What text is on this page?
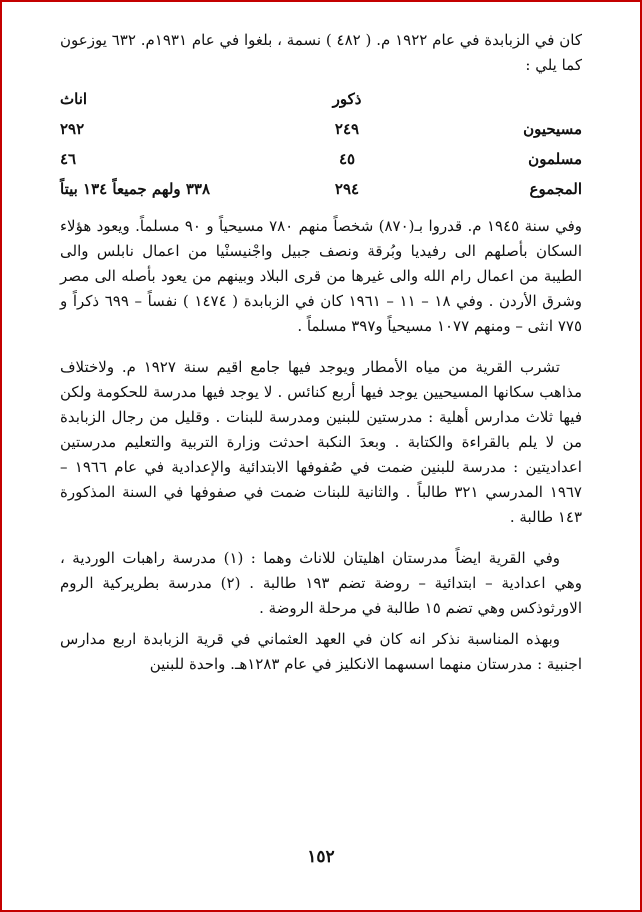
كان في الزبابدة في عام ١٩٢٢ م. ( ٤٨٢ ) نسمة ، بلغوا في عام ١٩٣١م. ٦٣٢ يوزعون كما يلي :

	ذكور	اناث
مسيحيون	٢٤٩	٢٩٢
مسلمون	٤٥	٤٦
المجموع	٢٩٤	٣٣٨ ولهم جميعاً ١٣٤ بيتاً

وفي سنة ١٩٤٥ م. قدروا بـ(٨٧٠) شخصاً منهم ٧٨٠ مسيحياً و ٩٠ مسلماً. ويعود هؤلاء السكان بأصلهم الى رفيديا وبُرقة ونصف جبيل واجْنيسنْيا من اعمال نابلس والى الطيبة من اعمال رام الله والى غيرها من قرى البلاد وبينهم من يعود بأصله الى مصر وشرق الأردن . وفي ١٨ – ١١ – ١٩٦١ كان في الزبابدة ( ١٤٧٤ ) نفساً – ٦٩٩ ذكراً و ٧٧٥ انثى – ومنهم ١٠٧٧ مسيحياً و٣٩٧ مسلماً .

تشرب القرية من مياه الأمطار ويوجد فيها جامع اقيم سنة ١٩٢٧ م. ولاختلاف مذاهب سكانها المسيحيين يوجد فيها أربع كنائس . لا يوجد فيها مدرسة للحكومة ولكن فيها ثلاث مدارس أهلية : مدرستين للبنين ومدرسة للبنات . وقليل من رجال الزبابدة من لا يلم بالقراءة والكتابة . وبعدَ النكبة احدثت وزارة التربية والتعليم مدرستين اعداديتين : مدرسة للبنين ضمت في صُفوفها الابتدائية والإعدادية في عام ١٩٦٦ – ١٩٦٧ المدرسي ٣٢١ طالباً . والثانية للبنات ضمت في صفوفها في السنة المذكورة ١٤٣ طالبة .

وفي القرية ايضاً مدرستان اهليتان للاناث وهما : (١) مدرسة راهبات الوردية ، وهي اعدادية – ابتدائية – روضة تضم ١٩٣ طالبة . (٢) مدرسة بطريركية الروم الاورثوذكس وهي تضم ١٥ طالبة في مرحلة الروضة .

وبهذه المناسبة نذكر انه كان في العهد العثماني في قرية الزبابدة اربع مدارس اجنبية : مدرستان منهما اسسهما الانكليز في عام ١٢٨٣هـ. واحدة للبنين

١٥٢
